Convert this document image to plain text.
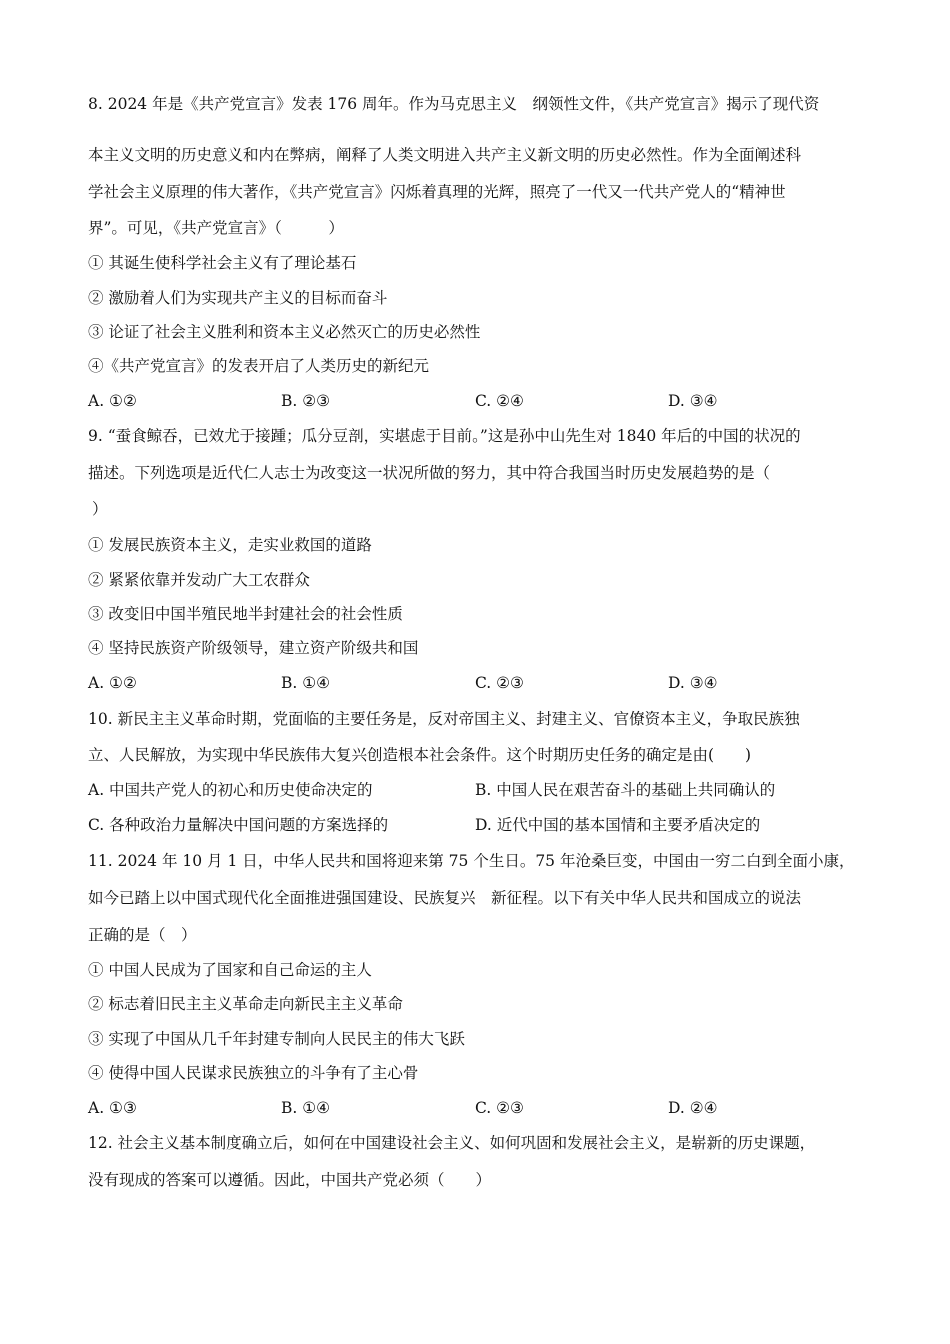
8. 2024 年是《共产党宣言》发表 176 周年。作为马克思主义　纲领性文件，《共产党宣言》揭示了现代资
本主义文明的历史意义和内在弊病，阐释了人类文明进入共产主义新文明的历史必然性。作为全面阐述科
学社会主义原理的伟大著作，《共产党宣言》闪烁着真理的光辉，照亮了一代又一代共产党人的“精神世
界”。可见，《共产党宣言》（　　　）
① 其诞生使科学社会主义有了理论基石
② 激励着人们为实现共产主义的目标而奋斗
③ 论证了社会主义胜利和资本主义必然灭亡的历史必然性
④《共产党宣言》的发表开启了人类历史的新纪元
A. ①②	B. ②③	C. ②④	D. ③④
9. “蚕食鲸吞，已效尤于接踵；瓜分豆剖，实堪虑于目前。”这是孙中山先生对 1840 年后的中国的状况的
描述。下列选项是近代仁人志士为改变这一状况所做的努力，其中符合我国当时历史发展趋势的是（
）
① 发展民族资本主义，走实业救国的道路
② 紧紧依靠并发动广大工农群众
③ 改变旧中国半殖民地半封建社会的社会性质
④ 坚持民族资产阶级领导，建立资产阶级共和国
A. ①②	B. ①④	C. ②③	D. ③④
10. 新民主主义革命时期，党面临的主要任务是，反对帝国主义、封建主义、官僚资本主义，争取民族独
立、人民解放，为实现中华民族伟大复兴创造根本社会条件。这个时期历史任务的确定是由(　　)
A. 中国共产党人的初心和历史使命决定的	B. 中国人民在艰苦奋斗的基础上共同确认的
C. 各种政治力量解决中国问题的方案选择的	D. 近代中国的基本国情和主要矛盾决定的
11. 2024 年 10 月 1 日，中华人民共和国将迎来第 75 个生日。75 年沧桑巨变，中国由一穷二白到全面小康，
如今已踏上以中国式现代化全面推进强国建设、民族复兴　新征程。以下有关中华人民共和国成立的说法
正确的是（　）
① 中国人民成为了国家和自己命运的主人
② 标志着旧民主主义革命走向新民主主义革命
③ 实现了中国从几千年封建专制向人民民主的伟大飞跃
④ 使得中国人民谋求民族独立的斗争有了主心骨
A. ①③	B. ①④	C. ②③	D. ②④
12. 社会主义基本制度确立后，如何在中国建设社会主义、如何巩固和发展社会主义，是崭新的历史课题，
没有现成的答案可以遵循。因此，中国共产党必须（　　）
